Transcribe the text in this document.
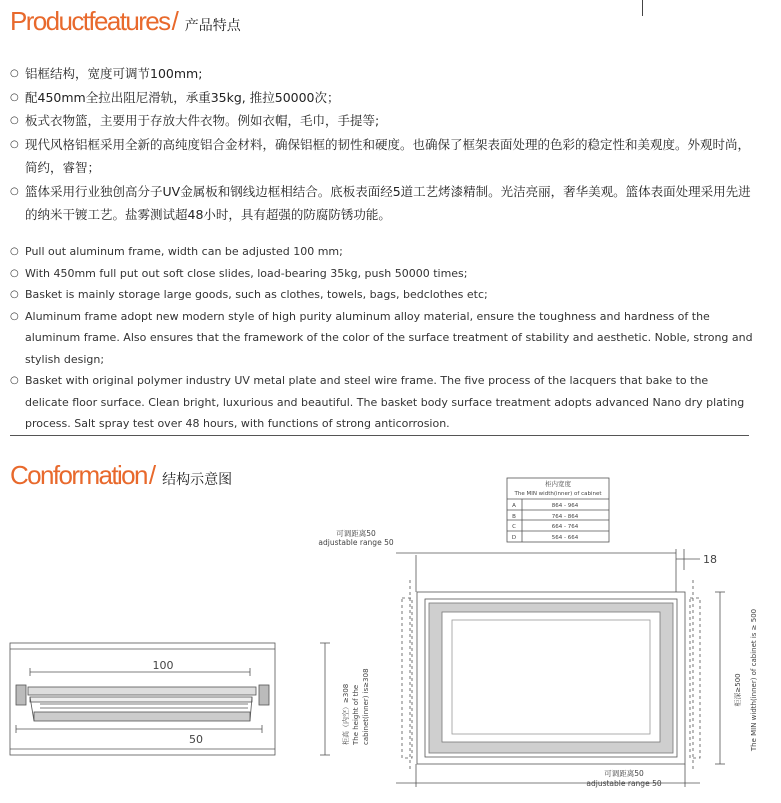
Productfeatures / 产品特点
○ 铝框结构，宽度可调节100mm;
○ 配450mm全拉出阻尼滑轨，承重35kg, 推拉50000次；
○ 板式衣物篮，主要用于存放大件衣物。例如衣帽，毛巾，手提等;
○ 现代风格铝框采用全新的高纯度铝合金材料，确保铝框的韧性和硬度。也确保了框架表面处理的色彩的稳定性和美观度。外观时尚，简约，睿智；
○ 篮体采用行业独创高分子UV金属板和钢线边框相结合。底板表面经5道工艺烤漆精制。光洁亮丽，奢华美观。篮体表面处理采用先进的纳米干镀工艺。盐雾测试超48小时，具有超强的防腐防锈功能。
○ Pull out aluminum frame, width can be adjusted 100 mm;
○ With 450mm full put out soft close slides, load-bearing 35kg, push 50000 times;
○ Basket is mainly storage large goods, such as clothes, towels, bags, bedclothes etc;
○ Aluminum frame adopt new modern style of high purity aluminum alloy material, ensure the toughness and hardness of the aluminum frame. Also ensures that the framework of the color of the surface treatment of stability and aesthetic. Noble, strong and stylish design;
○ Basket with original polymer industry UV metal plate and steel wire frame. The five process of the lacquers that bake to the delicate floor surface. Clean bright, luxurious and beautiful. The basket body surface treatment adopts advanced Nano dry plating process. Salt spray test over 48 hours, with functions of strong anticorrosion.
Conformation / 结构示意图	柜内宽度
The MIN width(inner) of cabinet
A	864 - 964
B	764 - 864
C	664 - 764
D	564 - 664
可调距离50
adjustable range 50
18
100
50
可调距离50
adjustable range 50
柜高（内空）≥308 The height of the cabinet(inner) is≥308	柜深≥500 The MIN width(inner) of cabinet is ≥ 500
